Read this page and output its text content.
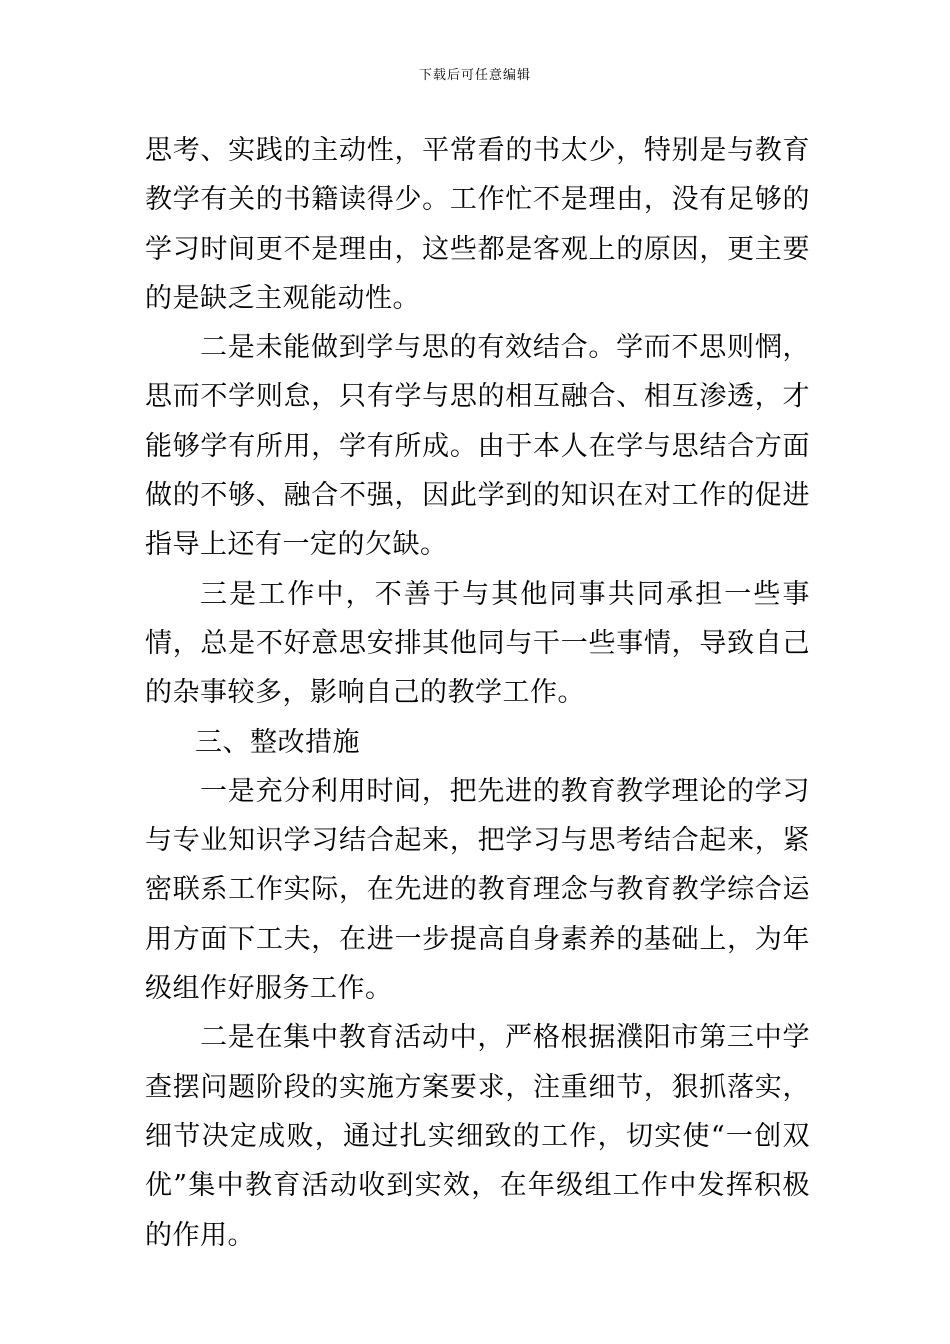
下载后可任意编辑

思考、实践的主动性，平常看的书太少，特别是与教育教学有关的书籍读得少。工作忙不是理由，没有足够的学习时间更不是理由，这些都是客观上的原因，更主要的是缺乏主观能动性。

二是未能做到学与思的有效结合。学而不思则惘，思而不学则怠，只有学与思的相互融合、相互渗透，才能够学有所用，学有所成。由于本人在学与思结合方面做的不够、融合不强，因此学到的知识在对工作的促进指导上还有一定的欠缺。

三是工作中，不善于与其他同事共同承担一些事情，总是不好意思安排其他同与干一些事情，导致自己的杂事较多，影响自己的教学工作。

三、整改措施

一是充分利用时间，把先进的教育教学理论的学习与专业知识学习结合起来，把学习与思考结合起来，紧密联系工作实际，在先进的教育理念与教育教学综合运用方面下工夫，在进一步提高自身素养的基础上，为年级组作好服务工作。

二是在集中教育活动中，严格根据濮阳市第三中学查摆问题阶段的实施方案要求，注重细节，狠抓落实，细节决定成败，通过扎实细致的工作，切实使“一创双优”集中教育活动收到实效，在年级组工作中发挥积极的作用。
